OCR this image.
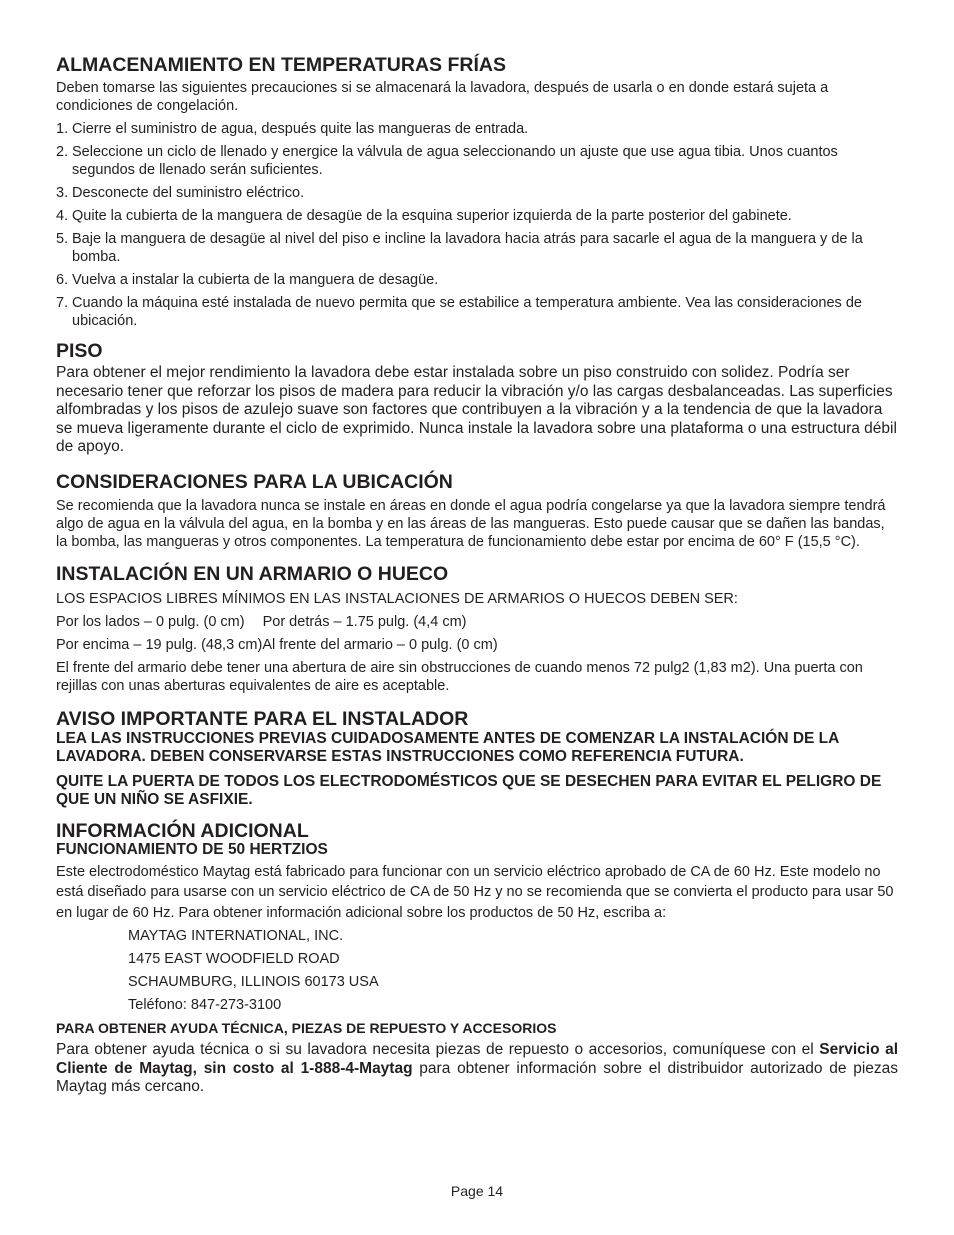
ALMACENAMIENTO EN TEMPERATURAS FRÍAS

Deben tomarse las siguientes precauciones si se almacenará la lavadora, después de usarla o en donde estará sujeta a condiciones de congelación.

1. Cierre el suministro de agua, después quite las mangueras de entrada.
2. Seleccione un ciclo de llenado y energice la válvula de agua seleccionando un ajuste que use agua tibia. Unos cuantos segundos de llenado serán suficientes.
3. Desconecte del suministro eléctrico.
4. Quite la cubierta de la manguera de desagüe de la esquina superior izquierda de la parte posterior del gabinete.
5. Baje la manguera de desagüe al nivel del piso e incline la lavadora hacia atrás para sacarle el agua de la manguera y de la bomba.
6. Vuelva a instalar la cubierta de la manguera de desagüe.
7. Cuando la máquina esté instalada de nuevo permita que se estabilice a temperatura ambiente. Vea las consideraciones de ubicación.
PISO

Para obtener el mejor rendimiento la lavadora debe estar instalada sobre un piso construido con solidez. Podría ser necesario tener que reforzar los pisos de madera para reducir la vibración y/o las cargas desbalanceadas. Las superficies alfombradas y los pisos de azulejo suave son factores que contribuyen a la vibración y a la tendencia de que la lavadora se mueva ligeramente durante el ciclo de exprimido. Nunca instale la lavadora sobre una plataforma o una estructura débil de apoyo.

CONSIDERACIONES PARA LA UBICACIÓN

Se recomienda que la lavadora nunca se instale en áreas en donde el agua podría congelarse ya que la lavadora siempre tendrá algo de agua en la válvula del agua, en la bomba y en las áreas de las mangueras. Esto puede causar que se dañen las bandas, la bomba, las mangueras y otros componentes. La temperatura de funcionamiento debe estar por encima de 60° F (15,5 °C).

INSTALACIÓN EN UN ARMARIO O HUECO

LOS ESPACIOS LIBRES MÍNIMOS EN LAS INSTALACIONES DE ARMARIOS O HUECOS DEBEN SER:

Por los lados – 0 pulg. (0 cm) Por detrás – 1.75 pulg. (4,4 cm)

Por encima – 19 pulg. (48,3 cm)Al frente del armario – 0 pulg. (0 cm)

El frente del armario debe tener una abertura de aire sin obstrucciones de cuando menos 72 pulg2 (1,83 m2). Una puerta con rejillas con unas aberturas equivalentes de aire es aceptable.

AVISO IMPORTANTE PARA EL INSTALADOR

LEA LAS INSTRUCCIONES PREVIAS CUIDADOSAMENTE ANTES DE COMENZAR LA INSTALACIÓN DE LA LAVADORA. DEBEN CONSERVARSE ESTAS INSTRUCCIONES COMO REFERENCIA FUTURA.

QUITE LA PUERTA DE TODOS LOS ELECTRODOMÉSTICOS QUE SE DESECHEN PARA EVITAR EL PELIGRO DE QUE UN NIÑO SE ASFIXIE.

INFORMACIÓN ADICIONAL

FUNCIONAMIENTO DE 50 HERTZIOS

Este electrodoméstico Maytag está fabricado para funcionar con un servicio eléctrico aprobado de CA de 60 Hz. Este modelo no está diseñado para usarse con un servicio eléctrico de CA de 50 Hz y no se recomienda que se convierta el producto para usar 50 en lugar de 60 Hz. Para obtener información adicional sobre los productos de 50 Hz, escriba a:

MAYTAG INTERNATIONAL, INC.
1475 EAST WOODFIELD ROAD
SCHAUMBURG, ILLINOIS 60173 USA
Teléfono: 847-273-3100

PARA OBTENER AYUDA TÉCNICA, PIEZAS DE REPUESTO Y ACCESORIOS

Para obtener ayuda técnica o si su lavadora necesita piezas de repuesto o accesorios, comuníquese con el Servicio al Cliente de Maytag, sin costo al 1-888-4-Maytag para obtener información sobre el distribuidor autorizado de piezas Maytag más cercano.

Page 14
